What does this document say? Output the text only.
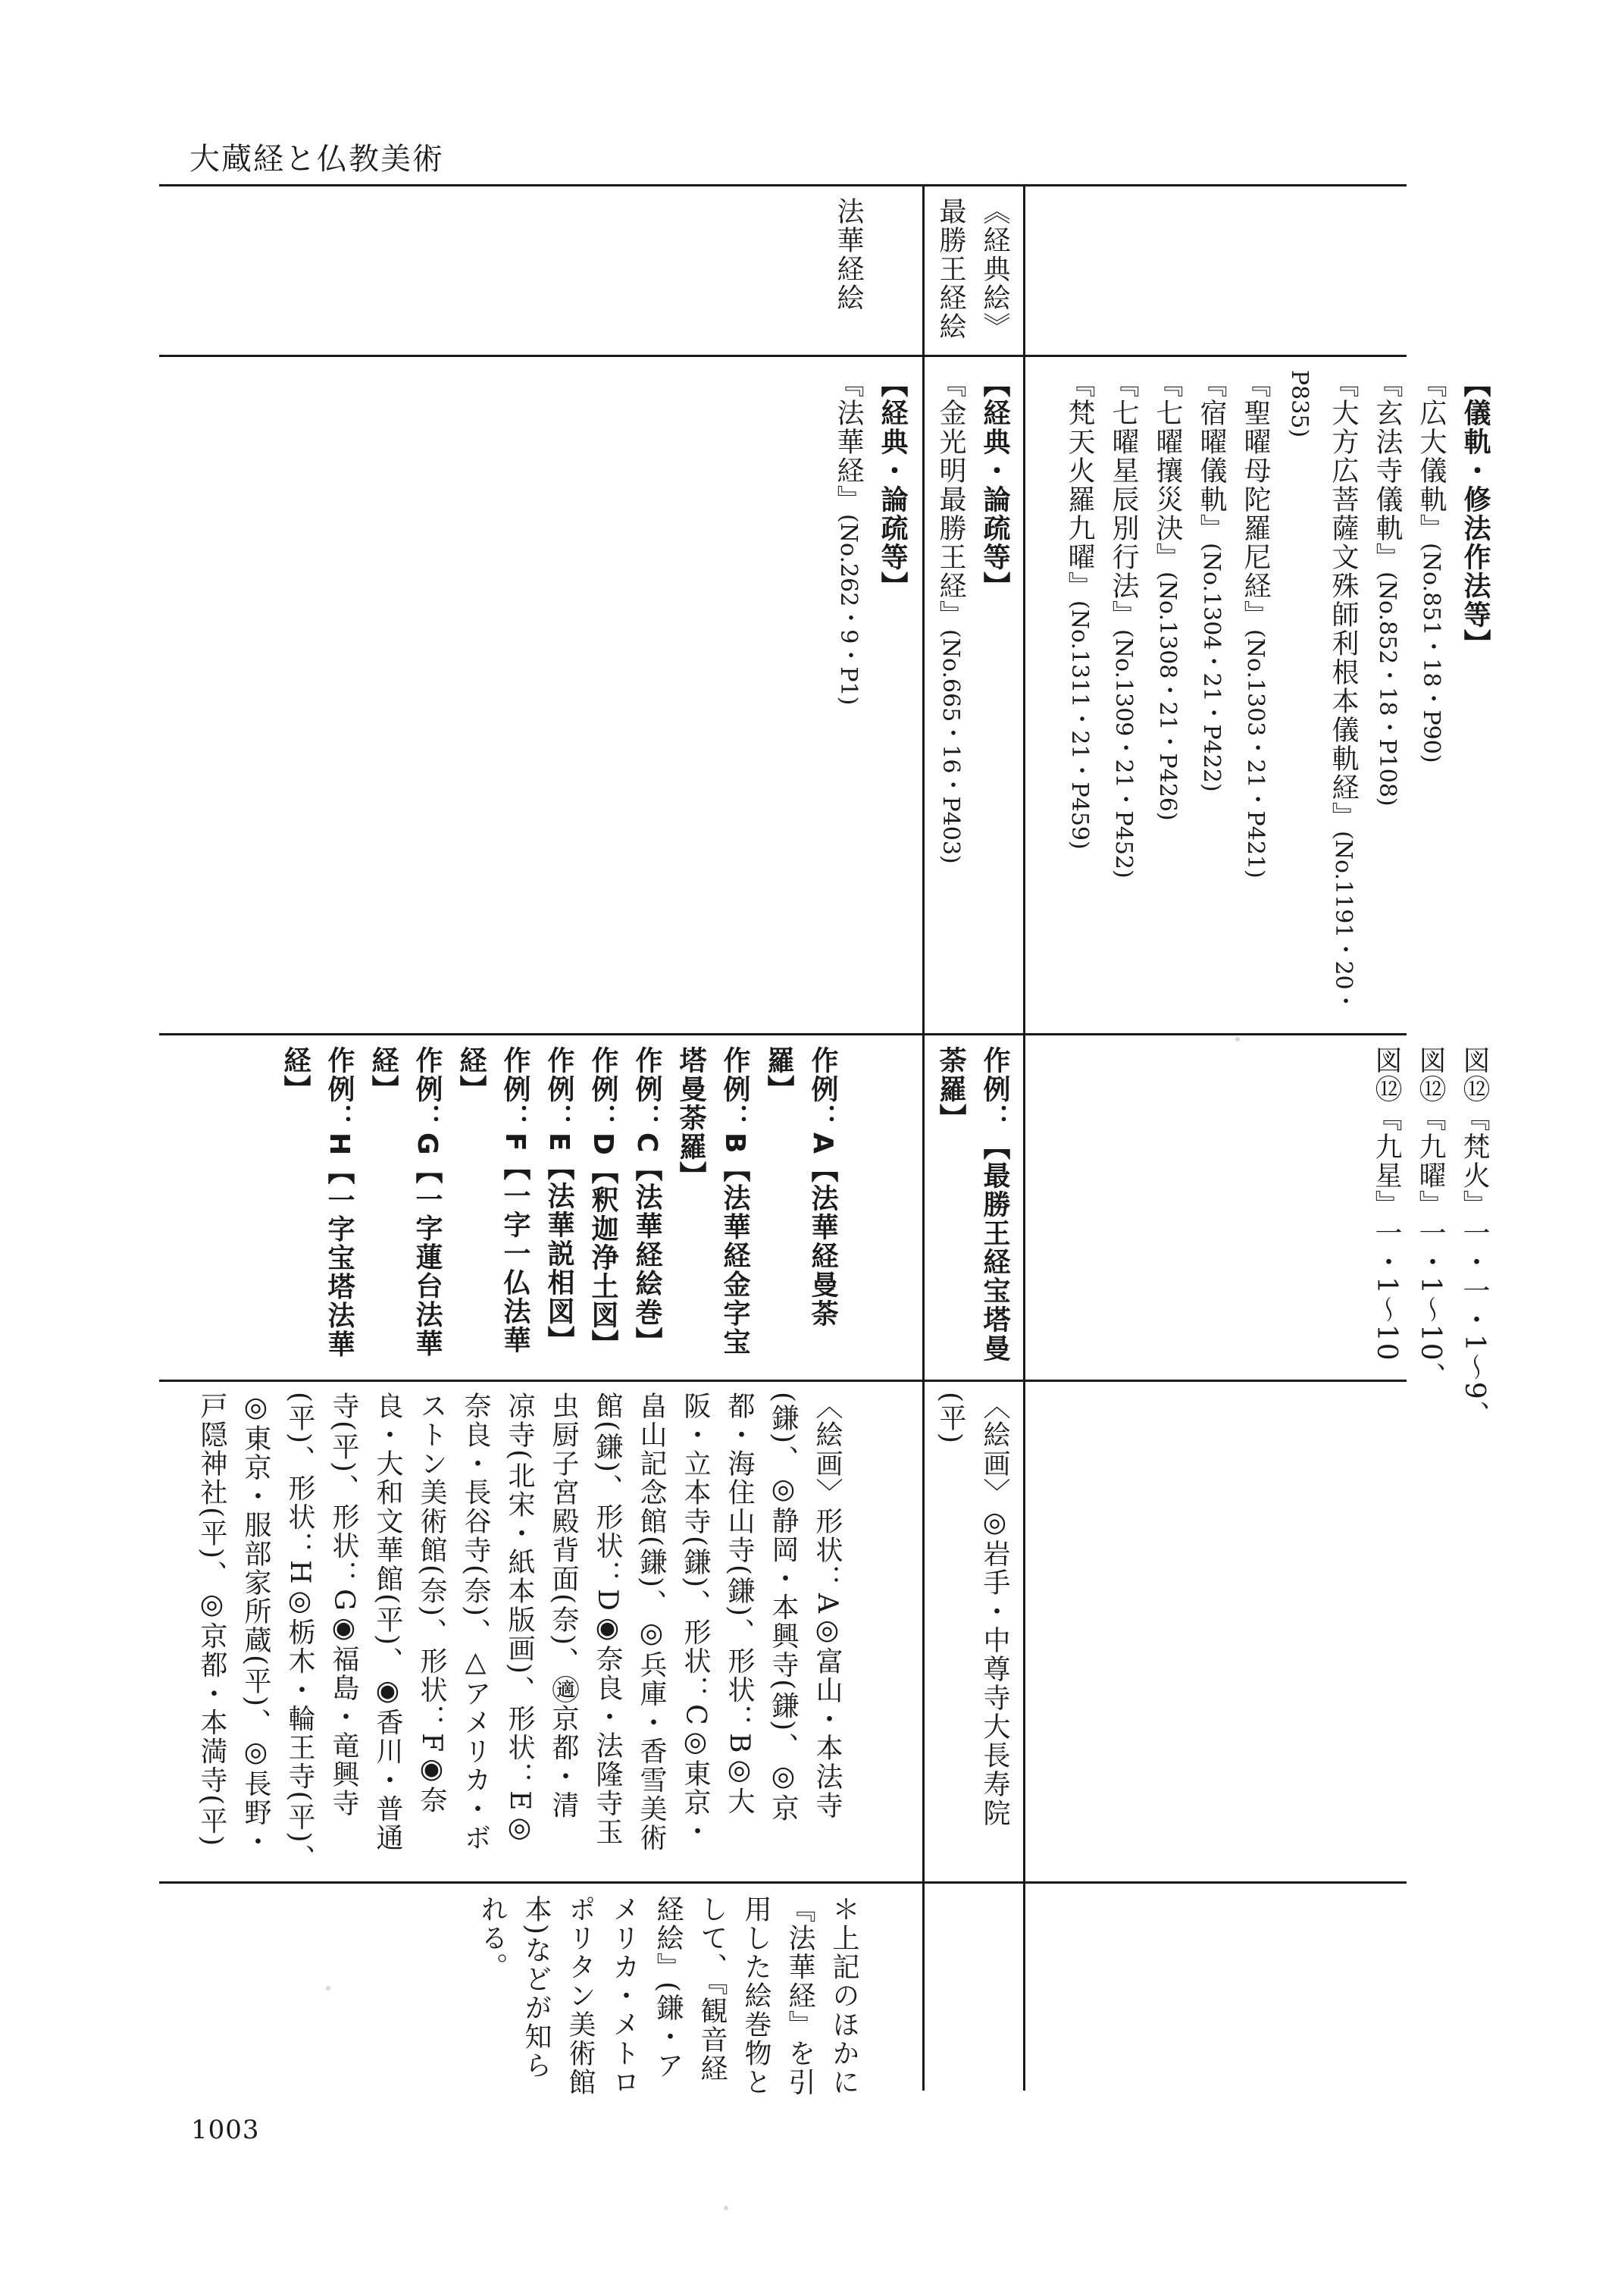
大蔵経と仏教美術
《経典絵》
最勝王経絵
法華経絵
【儀軌・修法作法等】
『広大儀軌』(No.851・18・P90)
『玄法寺儀軌』(No.852・18・P108)
『大方広菩薩文殊師利根本儀軌経』(No.1191・20・
P835)
『聖曜母陀羅尼経』(No.1303・21・P421)
『宿曜儀軌』(No.1304・21・P422)
『七曜攘災決』(No.1308・21・P426)
『七曜星辰別行法』(No.1309・21・P452)
『梵天火羅九曜』(No.1311・21・P459)
【経典・論疏等】
『金光明最勝王経』(No.665・16・P403)
【経典・論疏等】
『法華経』(No.262・9・P1)
図⑫『梵火』一・一・1〜9、
図⑫『九曜』一・1〜10、
図⑫『九星』一・1〜10
作例：【最勝王経宝塔曼
荼羅】
作例：A【法華経曼荼
羅】
作例：B【法華経金字宝
塔曼荼羅】
作例：C【法華経絵巻】
作例：D【釈迦浄土図】
作例：E【法華説相図】
作例：F【一字一仏法華
経】
作例：G【一字蓮台法華
経】
作例：H【一字宝塔法華
経】
〈絵画〉◎岩手・中尊寺大長寿院
(平)
〈絵画〉形状：A◎富山・本法寺
(鎌)、◎静岡・本興寺(鎌)、◎京
都・海住山寺(鎌)、形状：B◎大
阪・立本寺(鎌)、形状：C◎東京・
畠山記念館(鎌)、◎兵庫・香雪美術
館(鎌)、形状：D◉奈良・法隆寺玉
虫厨子宮殿背面(奈)、㊜京都・清
凉寺(北宋・紙本版画)、形状：E◎
奈良・長谷寺(奈)、△アメリカ・ボ
ストン美術館(奈)、形状：F◉奈
良・大和文華館(平)、◉香川・普通
寺(平)、形状：G◉福島・竜興寺
(平)、形状：H◎栃木・輪王寺(平)、
◎東京・服部家所蔵(平)、◎長野・
戸隠神社(平)、◎京都・本満寺(平)
＊上記のほかに
『法華経』を引
用した絵巻物と
して、『観音経
経絵』(鎌・ア
メリカ・メトロ
ポリタン美術館
本)などが知ら
れる。
1003
